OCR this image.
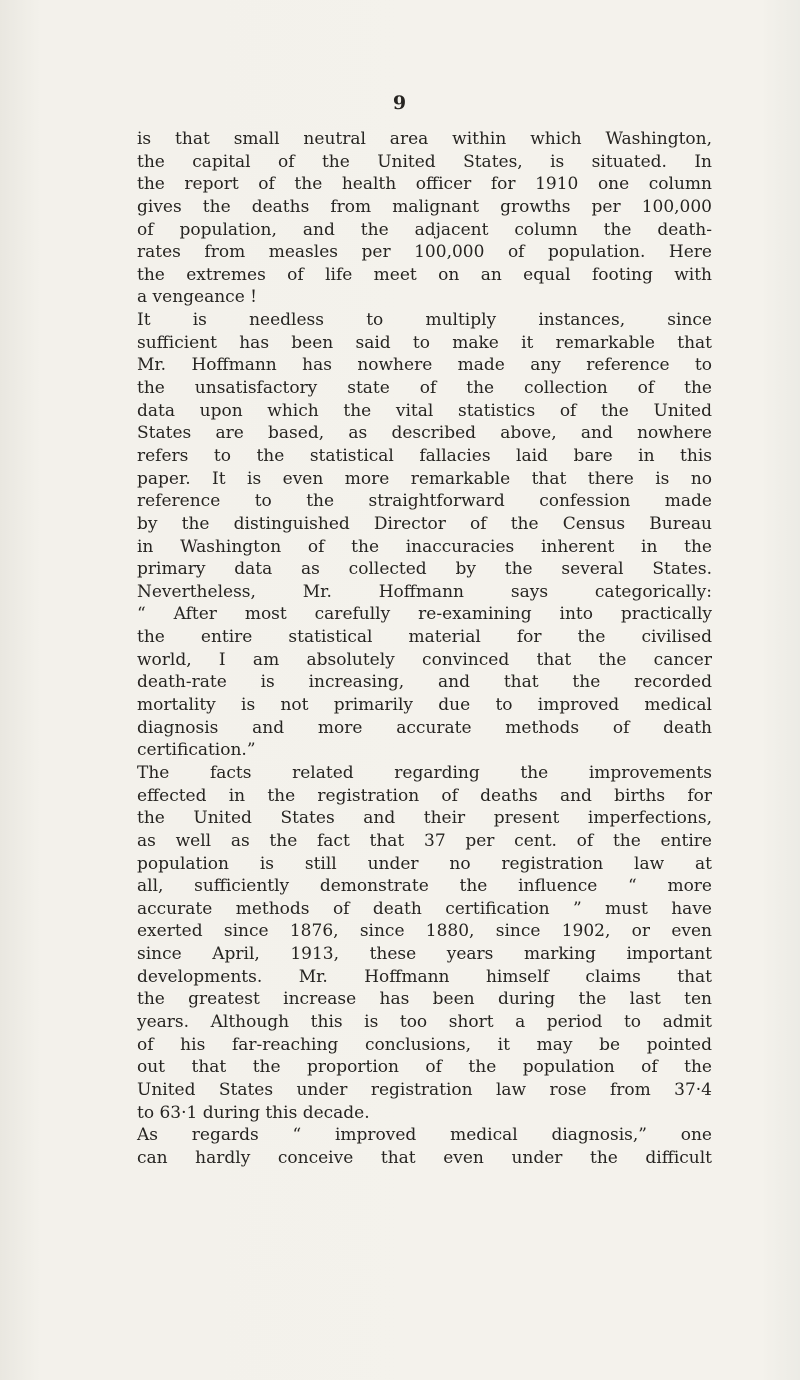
9
is that small neutral area within which Washington,
the capital of the United States, is situated. In
the report of the health officer for 1910 one column
gives the deaths from malignant growths per 100,000
of population, and the adjacent column the death-
rates from measles per 100,000 of population. Here
the extremes of life meet on an equal footing with
a vengeance !
It is needless to multiply instances, since
sufficient has been said to make it remarkable that
Mr. Hoffmann has nowhere made any reference to
the unsatisfactory state of the collection of the
data upon which the vital statistics of the United
States are based, as described above, and nowhere
refers to the statistical fallacies laid bare in this
paper. It is even more remarkable that there is no
reference to the straightforward confession made
by the distinguished Director of the Census Bureau
in Washington of the inaccuracies inherent in the
primary data as collected by the several States.
Nevertheless, Mr. Hoffmann says categorically:
“ After most carefully re-examining into practically
the entire statistical material for the civilised
world, I am absolutely convinced that the cancer
death-rate is increasing, and that the recorded
mortality is not primarily due to improved medical
diagnosis and more accurate methods of death
certification.”
The facts related regarding the improvements
effected in the registration of deaths and births for
the United States and their present imperfections,
as well as the fact that 37 per cent. of the entire
population is still under no registration law at
all, sufficiently demonstrate the influence “ more
accurate methods of death certification ” must have
exerted since 1876, since 1880, since 1902, or even
since April, 1913, these years marking important
developments. Mr. Hoffmann himself claims that
the greatest increase has been during the last ten
years. Although this is too short a period to admit
of his far-reaching conclusions, it may be pointed
out that the proportion of the population of the
United States under registration law rose from 37·4
to 63·1 during this decade.
As regards “ improved medical diagnosis,” one
can hardly conceive that even under the difficult
